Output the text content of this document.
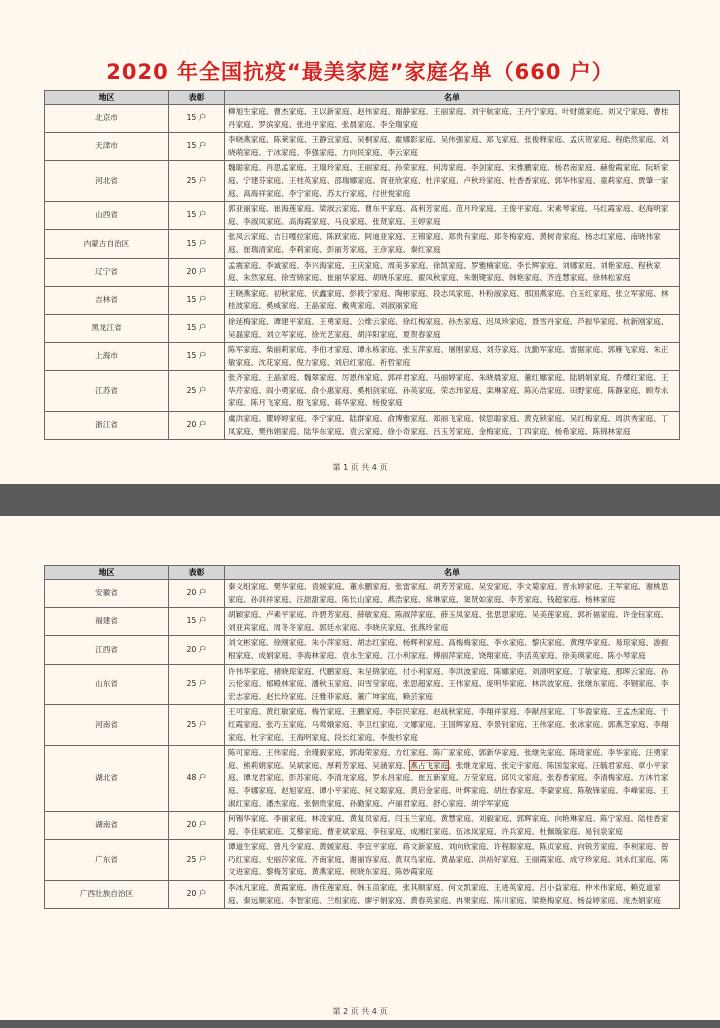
2020 年全国抗疫“最美家庭”家庭名单（660 户）
地区	表彰	名单
北京市	15 户	柳旭生家庭、曹杰家庭、王以新家庭、赵伟家庭、谢静家庭、王丽家庭、刘宇航家庭、王丹宁家庭、叶财德家庭、刘又宁家庭、曹桂丹家庭、罗滨家庭、张进平家庭、张晨家庭、李全瑞家庭
天津市	15 户	李晓燕家庭、陈莱家庭、王静宜家庭、吴桐家庭、霍娜影家庭、吴伟强家庭、郑飞家庭、张俊释家庭、孟庆贺家庭、程皓然家庭、刘晓萌家庭、于冰家庭、李强家庭、方向民家庭、李云家庭
河北省	25 户	魏聪家庭、肖思孟家庭、王瑞玲家庭、王丽家庭、孙荣家庭、何涛家庭、李剑家庭、宋推鹏家庭、杨君南家庭、赫俊霞家庭、阮昕家庭、宁建芬家庭、王桂英家庭、邵瑞娜家庭、胥亚欣家庭、杜洋家庭、卢秋玲家庭、杜香香家庭、郭华伟家庭、童莉家庭、贾肇一家庭、高海祥家庭、李宁家庭、苏太行家庭、付世悦家庭
山西省	15 户	郭亚丽家庭、崔海莲家庭、梁淑云家庭、曹东平家庭、高利芳家庭、范月玲家庭、王俊平家庭、宋素琴家庭、马红霞家庭、赵海明家庭、李淑凤家庭、高海霞家庭、马良家庭、张贤家庭、王婷家庭
内蒙古自治区	15 户	张凤云家庭、吉日嘎拉家庭、陈跃家庭、阿迪亚家庭、王锦家庭、郑贵有家庭、郑冬梅家庭、黄树青家庭、杨志红家庭、南晓伟家庭、崔瑞清家庭、李莉家庭、彭丽芳家庭、王彦家庭、秦红家庭
辽宁省	20 户	孟震家庭、李诚家庭、李兴海家庭、王庆家庭、周美多家庭、徐凯家庭、罗雅楠家庭、李长辉家庭、刘娜家庭、刘艳家庭、程秋家庭、朱然家庭、徐雪锦家庭、崔丽华家庭、胡晓乐家庭、翟凤秋家庭、朱朝键家庭、韩艳家庭、齐连慧家庭、徐林松家庭
吉林省	15 户	王晓燕家庭、初秋家庭、伏鑫家庭、彭筱宁家庭、陶彬家庭、段志凤家庭、朴粉淑家庭、那国燕家庭、白玉红家庭、张立军家庭、林桂波家庭、奚威家庭、王晶家庭、戴爽家庭、刘淑丽家庭
黑龙江省	15 户	徐延梅家庭、谭建平家庭、王勇家庭、公维云家庭、徐红梅家庭、孙杰家庭、迟凤珍家庭、聂雪丹家庭、芦振华家庭、杭新刚家庭、吴磊家庭、刘立军家庭、徐光艺家庭、胡洋阳家庭、夏贺春家庭
上海市	15 户	陈军家庭、柴丽莉家庭、李伯才家庭、谭永栋家庭、张玉萍家庭、屠刚家庭、刘芬家庭、沈勤军家庭、雷据家庭、郭雁飞家庭、朱正敏家庭、沈花家庭、倪力家庭、刘启红家庭、祈哲家庭
江苏省	25 户	张齐家庭、王晶家庭、魏翠家庭、厉恩伟家庭、郭祥君家庭、马丽婷家庭、朱晓晨家庭、董红娜家庭、陆娟娟家庭、乔缨红家庭、王华芹家庭、阎小勇家庭、俞小惠家庭、奚相剑家庭、孙英家庭、荣志玮家庭、栾琳家庭、陈沁浩家庭、田野家庭、陈静家庭、顾寿永家庭、陈月飞家庭、殷飞家庭、蒋华家庭、杨俊家庭
浙江省	20 户	虞洪家庭、瞿婷婷家庭、李宁家庭、陆群家庭、俞博雅家庭、郑丽飞家庭、侯思聪家庭、黄克锁家庭、吴红梅家庭、周洪秀家庭、丁凤家庭、樊伟娟家庭、陆华东家庭、袁云家庭、徐小奇家庭、吕玉芳家庭、金梅家庭、丁四家庭、杨希家庭、陈锦林家庭
第 1 页 共 4 页
地区	表彰	名单
安徽省	20 户	秦义组家庭、樊华家庭、袁媛家庭、董永鹏家庭、张雷家庭、胡芳芳家庭、吴安家庭、李文菊家庭、晋永婷家庭、王军家庭、谢桃思家庭、孙训祥家庭、汪甜甜家庭、陈长山家庭、燕浩家庭、常琳家庭、窦贤如家庭、李芳家庭、钱超家庭、杨林家庭
福建省	15 户	胡颖家庭、卢素平家庭、许碧芳家庭、薛敏家庭、陈淑萍家庭、薛玉凤家庭、张思思家庭、吴美莲家庭、郭祈福家庭、许金钰家庭、刘亚宾家庭、周冬冬家庭、郭廷水家庭、李晓庆家庭、张燕玲家庭
江西省	20 户	刘文彬家庭、徐刚家庭、朱小萍家庭、胡志红家庭、杨辉利家庭、高梅梅家庭、李水家庭、黎庆家庭、黄理华家庭、易琼家庭、游振根家庭、成娟家庭、李海林家庭、袁永生家庭、江小利家庭、傅丽萍家庭、饶翔家庭、李活英家庭、徐美瑛家庭、陈小琴家庭
山东省	25 户	许伟华家庭、褚晓琼家庭、代鹏家庭、朱呈锦家庭、付小利家庭、李洪波家庭、陈娜家庭、刘清明家庭、丁敏家庭、那晖云家庭、孙云伦家庭、郁殿林家庭、潘秋玉家庭、田雪莹家庭、张思超家庭、王伟家庭、庞明华家庭、林洪波家庭、张继东家庭、李钢家庭、李宏志家庭、赵长玲家庭、汪雅菲家庭、董广坤家庭、赖芸家庭
河南省	25 户	王可家庭、黄红敏家庭、梅竹家庭、王鹏家庭、李臣民家庭、赵战秋家庭、李翔祥家庭、李献昌家庭、丁华盈家庭、王孟杰家庭、于红霞家庭、张巧玉家庭、马莺娥家庭、李卫红家庭、文娜家庭、王国辉家庭、李景钊家庭、王伟家庭、张冰家庭、郭燕芝家庭、李翔家庭、杜字家庭、王海明家庭、段长红家庭、李俊杉家庭
湖北省	48 户	陈可家庭、王伟家庭、余瑾毅家庭、郭海荣家庭、方红家庭、陈广家家庭、郭新华家庭、张继先家庭、陈琦家庭、李华家庭、汪勇家庭、熊莉娟家庭、吴斌家庭、厚莉芳家庭、吴涵家庭、燕占飞家庭、张继龙家庭、张定宇家庭、陈国玺家庭、汪毓君家庭、章小平家庭、谭龙君家庭、彭苏家庭、李清龙家庭、罗永昌家庭、崔五新家庭、万莹家庭、邱贝文家庭、张春香家庭、李清梅家庭、方沐竹家庭、李娜家庭、赵旭家庭、谭小平家庭、何文聪家庭、黄启金家庭、叶辉家庭、胡仕春家庭、李蒙家庭、陈敬锋家庭、李峰家庭、王淑红家庭、潘杰家庭、张朝贵家庭、孙勤家庭、卢丽君家庭、舒心家庭、胡学军家庭
湖南省	20 户	何锡华家庭、李丽家庭、林凌家庭、黄复员家庭、闫玉兰家庭、黄慧家庭、刘毅家庭、郭辉家庭、向艳琳家庭、陈宁家庭、陆桂香家庭、李佳斌家庭、艾藜家庭、曹亚斌家庭、李钰家庭、成湘红家庭、伍冰岚家庭、许兵家庭、杜佩璇家庭、易钊泉家庭
广东省	25 户	谭道生家庭、曾凡令家庭、黄媛家庭、李宜平家庭、蒋文新家庭、刘向欣家庭、许程聪家庭、陈贞家庭、向锐芳家庭、李利家庭、曾巧红家庭、史丽莎家庭、齐南家庭、谢丽容家庭、黄双鸟家庭、黄晶家庭、洪裕好家庭、王丽霞家庭、成守珍家庭、刘永红家庭、陈文进家庭、黎梅芳家庭、黄燕家庭、祝晓东家庭、陈妙霞家庭
广西壮族自治区	20 户	李冰凡家庭、黄霞家庭、唐佳莲家庭、韩玉苗家庭、张其顺家庭、何文凯家庭、王进英家庭、吕小益家庭、仲米伟家庭、赖克道家庭、秦远顺家庭、李智家庭、兰组家庭、廖宇娟家庭、黄春英家庭、冉果家庭、陈川家庭、梁艳梅家庭、杨益婷家庭、庞杰娟家庭
第 2 页 共 4 页
